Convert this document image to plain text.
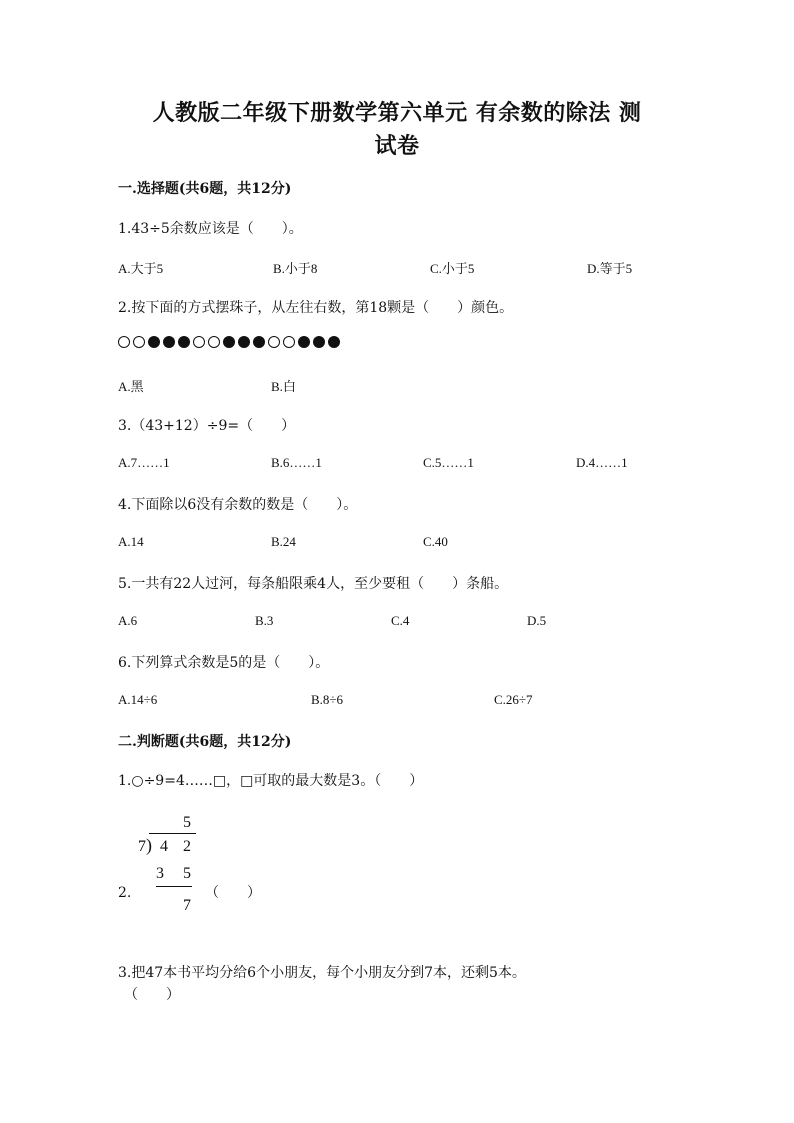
人教版二年级下册数学第六单元 有余数的除法 测
试卷
一.选择题(共6题，共12分)
1.43÷5余数应该是（　　）。
A.大于5	B.小于8	C.小于5	D.等于5
2.按下面的方式摆珠子，从左往右数，第18颗是（　　）颜色。
A.黑	B.白
3.（43+12）÷9=（　　）
A.7……1	B.6……1	C.5……1	D.4……1
4.下面除以6没有余数的数是（　　）。
A.14	B.24	C.40
5.一共有22人过河，每条船限乘4人，至少要租（　　）条船。
A.6	B.3	C.4	D.5
6.下列算式余数是5的是（　　）。
A.14÷6	B.8÷6	C.26÷7
二.判断题(共6题，共12分)
1.○÷9=4……□，□可取的最大数是3。（　　）
5
7 ) 4 2
3 5
7
2.	（　　）
3.把47本书平均分给6个小朋友，每个小朋友分到7本，还剩5本。
（　　）
